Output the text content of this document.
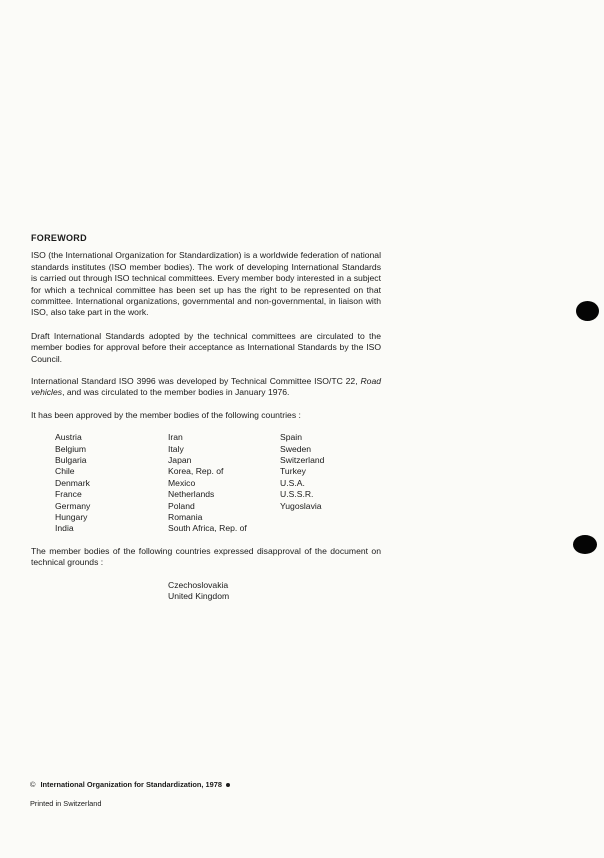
FOREWORD

ISO (the International Organization for Standardization) is a worldwide federation of national standards institutes (ISO member bodies). The work of developing International Standards is carried out through ISO technical committees. Every member body interested in a subject for which a technical committee has been set up has the right to be represented on that committee. International organizations, governmental and non-governmental, in liaison with ISO, also take part in the work.

Draft International Standards adopted by the technical committees are circulated to the member bodies for approval before their acceptance as International Standards by the ISO Council.

International Standard ISO 3996 was developed by Technical Committee ISO/TC 22, Road vehicles, and was circulated to the member bodies in January 1976.

It has been approved by the member bodies of the following countries :

Austria
Belgium
Bulgaria
Chile
Denmark
France
Germany
Hungary
India
Iran
Italy
Japan
Korea, Rep. of
Mexico
Netherlands
Poland
Romania
South Africa, Rep. of
Spain
Sweden
Switzerland
Turkey
U.S.A.
U.S.S.R.
Yugoslavia

The member bodies of the following countries expressed disapproval of the document on technical grounds :

Czechoslovakia
United Kingdom
© International Organization for Standardization, 1978
Printed in Switzerland
